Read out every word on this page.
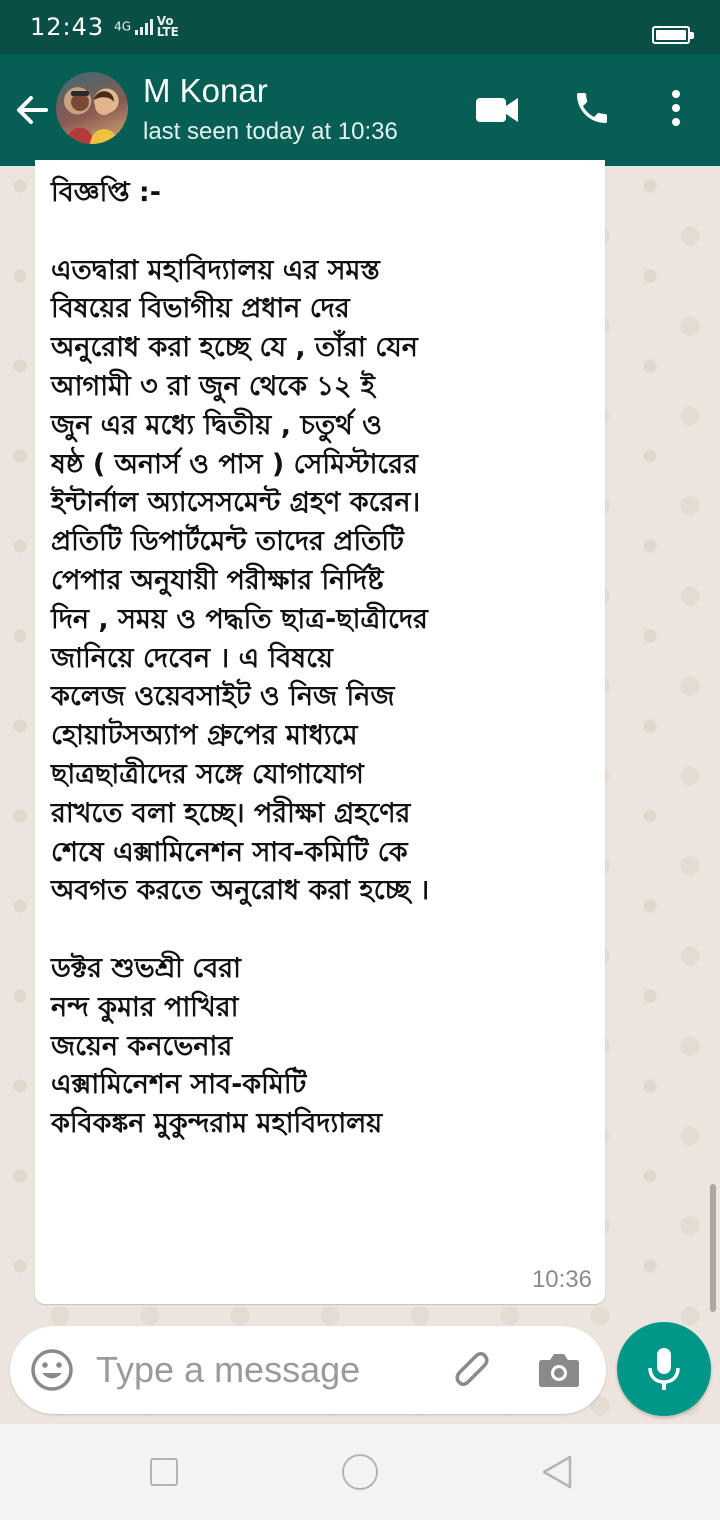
12:43 4G Vo LTE
M Konar
last seen today at 10:36
বিজ্ঞপ্তি :-
এতদ্বারা মহাবিদ্যালয় এর সমস্ত
বিষয়ের বিভাগীয় প্রধান দের
অনুরোধ করা হচ্ছে যে , তাঁরা যেন
আগামী ৩ রা জুন থেকে ১২ ই
জুন এর মধ্যে দ্বিতীয় , চতুর্থ ও
ষষ্ঠ ( অনার্স ও পাস ) সেমিস্টারের
ইন্টার্নাল অ্যাসেসমেন্ট গ্রহণ করেন।
প্রতিটি ডিপার্টমেন্ট তাদের প্রতিটি
পেপার অনুযায়ী পরীক্ষার নির্দিষ্ট
দিন , সময় ও পদ্ধতি ছাত্র-ছাত্রীদের
জানিয়ে দেবেন । এ বিষয়ে
কলেজ ওয়েবসাইট ও নিজ নিজ
হোয়াটসঅ্যাপ গ্রুপের মাধ্যমে
ছাত্রছাত্রীদের সঙ্গে যোগাযোগ
রাখতে বলা হচ্ছে। পরীক্ষা গ্রহণের
শেষে এক্সামিনেশন সাব-কমিটি কে
অবগত করতে অনুরোধ করা হচ্ছে ।
ডক্টর শুভশ্রী বেরা
নন্দ কুমার পাখিরা
জয়েন কনভেনার
এক্সামিনেশন সাব-কমিটি
কবিকঙ্কন মুকুন্দরাম মহাবিদ্যালয়
10:36
Type a message
